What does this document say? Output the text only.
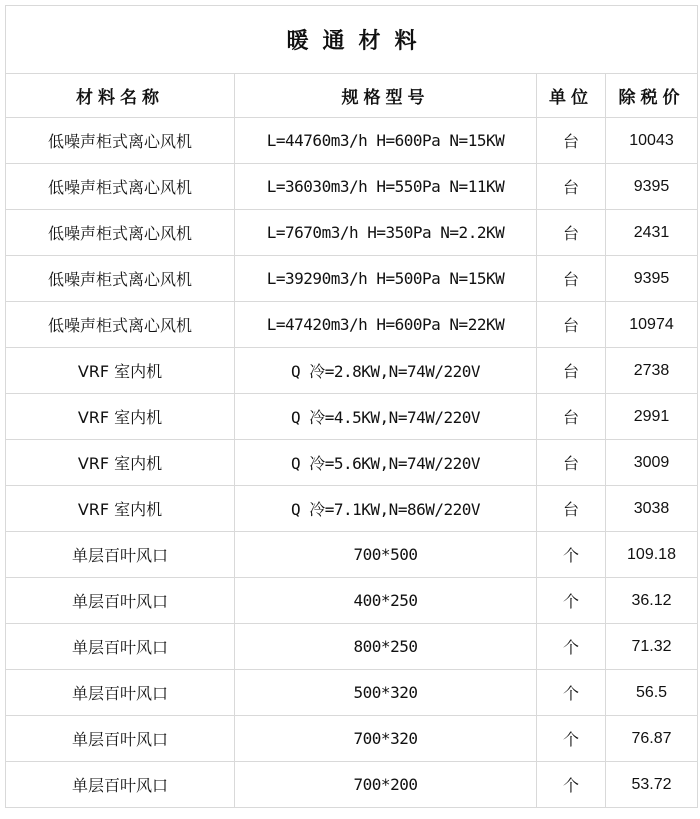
暖通材料			
材料名称	规格型号	单位	除税价
低噪声柜式离心风机	L=44760m3/h H=600Pa N=15KW	台	10043
低噪声柜式离心风机	L=36030m3/h H=550Pa N=11KW	台	9395
低噪声柜式离心风机	L=7670m3/h H=350Pa N=2.2KW	台	2431
低噪声柜式离心风机	L=39290m3/h H=500Pa N=15KW	台	9395
低噪声柜式离心风机	L=47420m3/h H=600Pa N=22KW	台	10974
VRF 室内机	Q 冷=2.8KW,N=74W/220V	台	2738
VRF 室内机	Q 冷=4.5KW,N=74W/220V	台	2991
VRF 室内机	Q 冷=5.6KW,N=74W/220V	台	3009
VRF 室内机	Q 冷=7.1KW,N=86W/220V	台	3038
单层百叶风口	700*500	个	109.18
单层百叶风口	400*250	个	36.12
单层百叶风口	800*250	个	71.32
单层百叶风口	500*320	个	56.5
单层百叶风口	700*320	个	76.87
单层百叶风口	700*200	个	53.72
